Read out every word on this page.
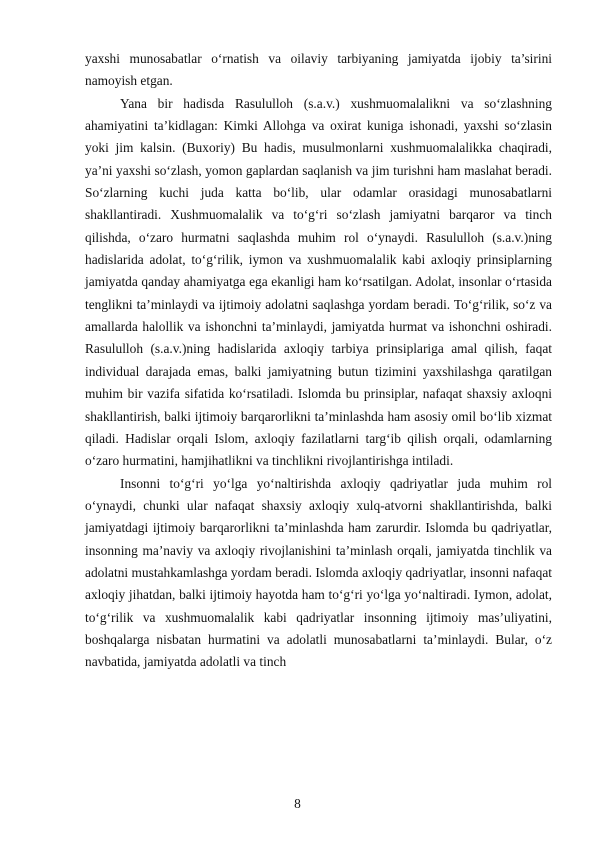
yaxshi munosabatlar o‘rnatish va oilaviy tarbiyaning jamiyatda ijobiy ta’sirini namoyish etgan.

Yana bir hadisda Rasululloh (s.a.v.) xushmuomalalikni va so‘zlashning ahamiyatini ta’kidlagan: Kimki Allohga va oxirat kuniga ishonadi, yaxshi so‘zlasin yoki jim kalsin. (Buxoriy) Bu hadis, musulmonlarni xushmuomalalikka chaqiradi, ya’ni yaxshi so‘zlash, yomon gaplardan saqlanish va jim turishni ham maslahat beradi. So‘zlarning kuchi juda katta bo‘lib, ular odamlar orasidagi munosabatlarni shakllantiradi. Xushmuomalalik va to‘g‘ri so‘zlash jamiyatni barqaror va tinch qilishda, o‘zaro hurmatni saqlashda muhim rol o‘ynaydi. Rasululloh (s.a.v.)ning hadislarida adolat, to‘g‘rilik, iymon va xushmuomalalik kabi axloqiy prinsiplarning jamiyatda qanday ahamiyatga ega ekanligi ham ko‘rsatilgan. Adolat, insonlar o‘rtasida tenglikni ta’minlaydi va ijtimoiy adolatni saqlashga yordam beradi. To‘g‘rilik, so‘z va amallarda halollik va ishonchni ta’minlaydi, jamiyatda hurmat va ishonchni oshiradi. Rasululloh (s.a.v.)ning hadislarida axloqiy tarbiya prinsiplariga amal qilish, faqat individual darajada emas, balki jamiyatning butun tizimini yaxshilashga qaratilgan muhim bir vazifa sifatida ko‘rsatiladi. Islomda bu prinsiplar, nafaqat shaxsiy axloqni shakllantirish, balki ijtimoiy barqarorlikni ta’minlashda ham asosiy omil bo‘lib xizmat qiladi. Hadislar orqali Islom, axloqiy fazilatlarni targ‘ib qilish orqali, odamlarning o‘zaro hurmatini, hamjihatlikni va tinchlikni rivojlantirishga intiladi.

Insonni to‘g‘ri yo‘lga yo‘naltirishda axloqiy qadriyatlar juda muhim rol o‘ynaydi, chunki ular nafaqat shaxsiy axloqiy xulq-atvorni shakllantirishda, balki jamiyatdagi ijtimoiy barqarorlikni ta’minlashda ham zarurdir. Islomda bu qadriyatlar, insonning ma’naviy va axloqiy rivojlanishini ta’minlash orqali, jamiyatda tinchlik va adolatni mustahkamlashga yordam beradi. Islomda axloqiy qadriyatlar, insonni nafaqat axloqiy jihatdan, balki ijtimoiy hayotda ham to‘g‘ri yo‘lga yo‘naltiradi. Iymon, adolat, to‘g‘rilik va xushmuomalalik kabi qadriyatlar insonning ijtimoiy mas’uliyatini, boshqalarga nisbatan hurmatini va adolatli munosabatlarni ta’minlaydi. Bular, o‘z navbatida, jamiyatda adolatli va tinch

8
